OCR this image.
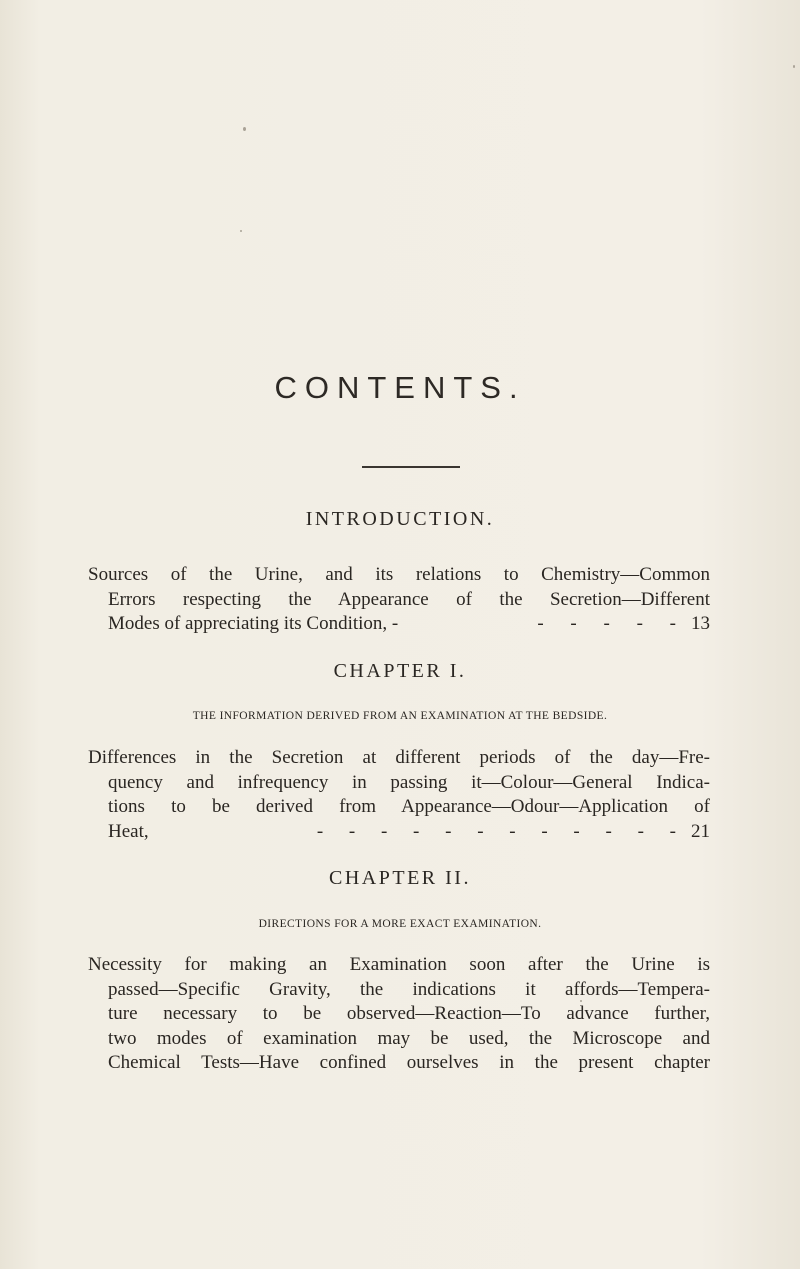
CONTENTS.
INTRODUCTION.
Sources of the Urine, and its relations to Chemistry—Common
Errors respecting the Appearance of the Secretion—Different
Modes of appreciating its Condition, -	- - - - - 13
CHAPTER I.
THE INFORMATION DERIVED FROM AN EXAMINATION AT THE BEDSIDE.
Differences in the Secretion at different periods of the day—Fre-
quency and infrequency in passing it—Colour—General Indica-
tions to be derived from Appearance—Odour—Application of
Heat,	- - - - - - - - - - - - 21
CHAPTER II.
DIRECTIONS FOR A MORE EXACT EXAMINATION.
Necessity for making an Examination soon after the Urine is
passed—Specific Gravity, the indications it affords—Tempera-
ture necessary to be observed—Reaction—To advance further,
two modes of examination may be used, the Microscope and
Chemical Tests—Have confined ourselves in the present chapter
